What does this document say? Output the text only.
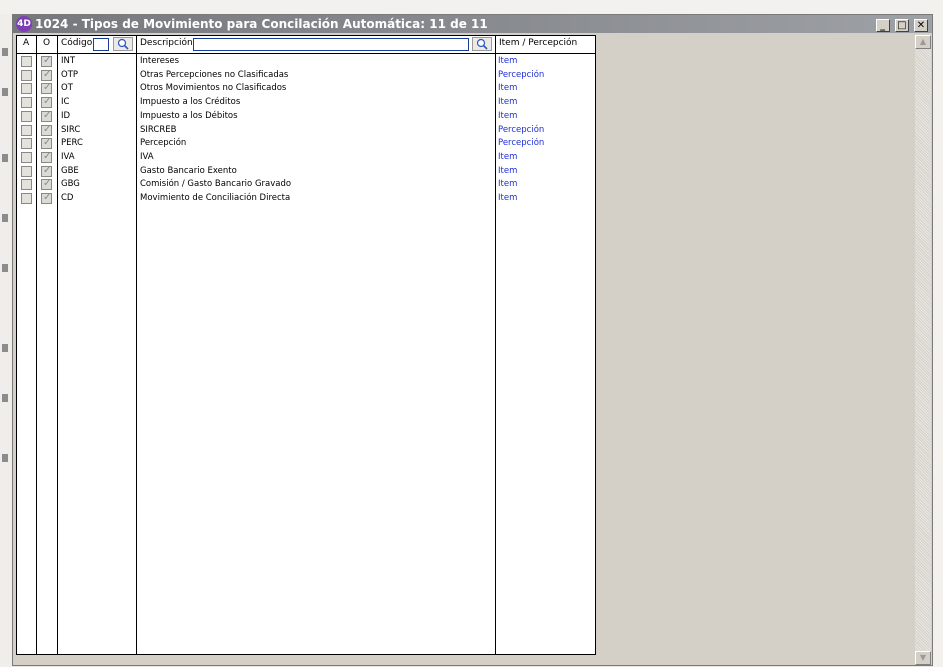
4D 1024 - Tipos de Movimiento para Concilación Automática: 11 de 11	_ □ ✕
A O Código	Descripción	Item / Percepción
✓ INT	Intereses	Item
✓ OTP	Otras Percepciones no Clasificadas	Percepción
✓ OT	Otros Movimientos no Clasificados	Item
✓ IC	Impuesto a los Créditos	Item
✓ ID	Impuesto a los Débitos	Item
✓ SIRC	SIRCREB	Percepción
✓ PERC	Percepción	Percepción
✓ IVA	IVA	Item
✓ GBE	Gasto Bancario Exento	Item
✓ GBG	Comisión / Gasto Bancario Gravado	Item
✓ CD	Movimiento de Conciliación Directa	Item
▲
▼
